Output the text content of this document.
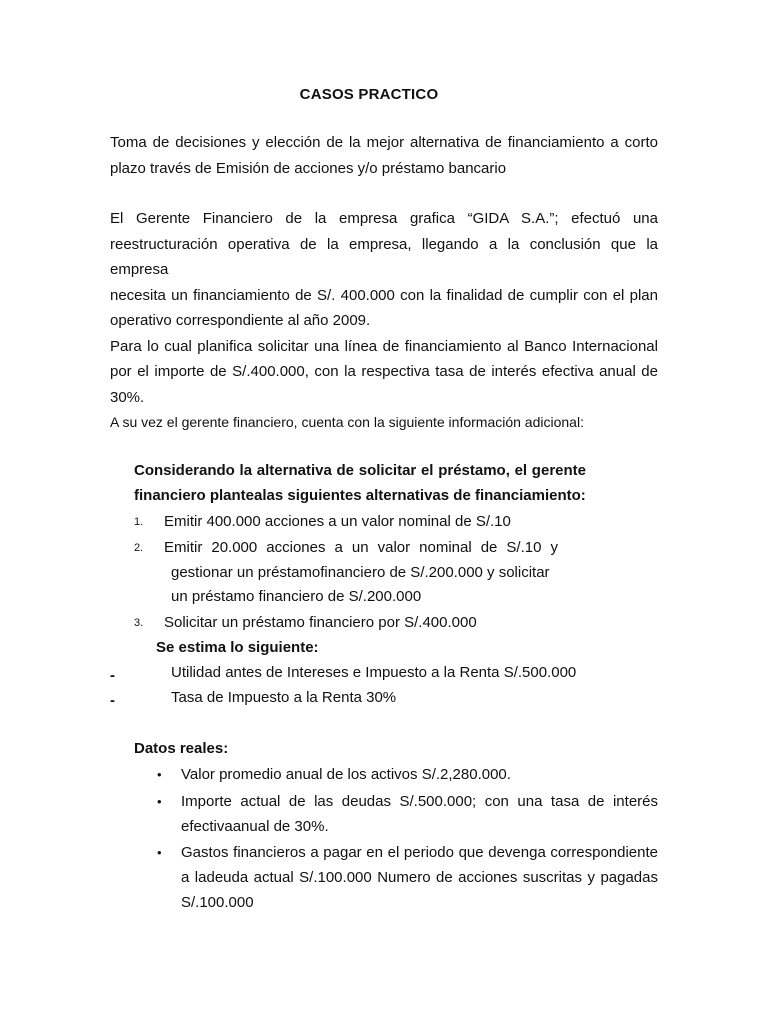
CASOS PRACTICO
Toma de decisiones y elección de la mejor alternativa de financiamiento a corto
plazo través de Emisión de acciones y/o préstamo bancario
El Gerente Financiero de la empresa grafica “GIDA S.A.”; efectuó una
reestructuración operativa de la empresa, llegando a la conclusión que la empresa
necesita un financiamiento de S/. 400.000 con la finalidad de cumplir con el plan
operativo correspondiente al año 2009.
Para lo cual planifica solicitar una línea de financiamiento al Banco Internacional
por el importe de S/.400.000, con la respectiva tasa de interés efectiva anual de
30%.
A su vez el gerente financiero, cuenta con la siguiente información adicional:
Considerando la alternativa de solicitar el préstamo, el gerente
financiero plantealas siguientes alternativas de financiamiento:
1. Emitir 400.000 acciones a un valor nominal de S/.10
2. Emitir 20.000 acciones a un valor nominal de S/.10 y
gestionar un préstamofinanciero de S/.200.000 y solicitar
un préstamo financiero de S/.200.000
3. Solicitar un préstamo financiero por S/.400.000
Se estima lo siguiente:
-	Utilidad antes de Intereses e Impuesto a la Renta S/.500.000
-	Tasa de Impuesto a la Renta 30%
Datos reales:
• Valor promedio anual de los activos S/.2,280.000.
• Importe actual de las deudas S/.500.000; con una tasa de interés
efectivaanual de 30%.
• Gastos financieros a pagar en el periodo que devenga correspondiente
a ladeuda actual S/.100.000 Numero de acciones suscritas y pagadas
S/.100.000
